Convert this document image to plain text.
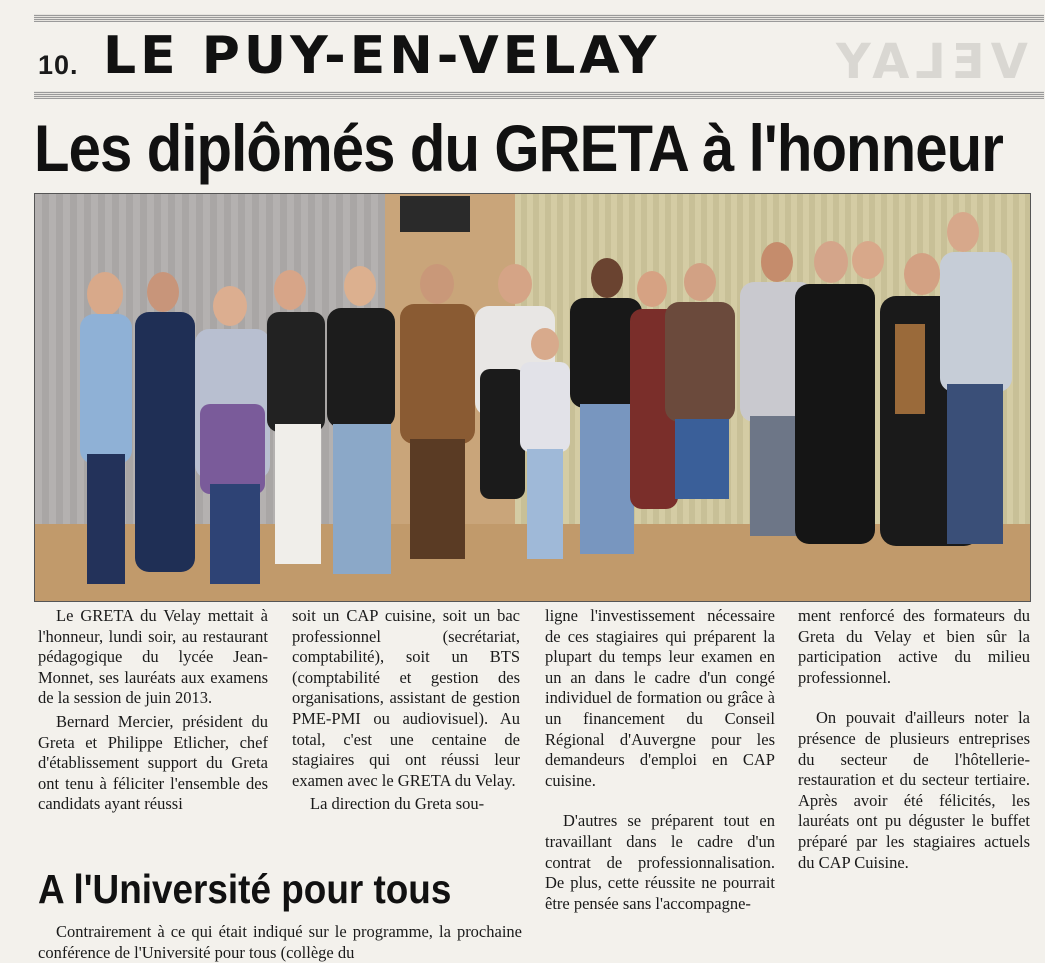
10. LE PUY-EN-VELAY	VELAY
Les diplômés du GRETA à l'honneur

Le GRETA du Velay mettait à l'honneur, lundi soir, au restaurant pédagogique du lycée Jean-Monnet, ses lauréats aux examens de la session de juin 2013.

Bernard Mercier, président du Greta et Philippe Etlicher, chef d'établissement support du Greta ont tenu à féliciter l'ensemble des candidats ayant réussi

soit un CAP cuisine, soit un bac professionnel (secrétariat, comptabilité), soit un BTS (comptabilité et gestion des organisations, assistant de gestion PME-PMI ou audiovisuel). Au total, c'est une centaine de stagiaires qui ont réussi leur examen avec le GRETA du Velay.

La direction du Greta sou-

ligne l'investissement nécessaire de ces stagiaires qui préparent la plupart du temps leur examen en un an dans le cadre d'un congé individuel de formation ou grâce à un financement du Conseil Régional d'Auvergne pour les demandeurs d'emploi en CAP cuisine.

D'autres se préparent tout en travaillant dans le cadre d'un contrat de professionnalisation. De plus, cette réussite ne pourrait être pensée sans l'accompagne-

ment renforcé des formateurs du Greta du Velay et bien sûr la participation active du milieu professionnel.

On pouvait d'ailleurs noter la présence de plusieurs entreprises du secteur de l'hôtellerie-restauration et du secteur tertiaire. Après avoir été félicités, les lauréats ont pu déguster le buffet préparé par les stagiaires actuels du CAP Cuisine.

A l'Université pour tous

Contrairement à ce qui était indiqué sur le programme, la prochaine conférence de l'Université pour tous (collège du
